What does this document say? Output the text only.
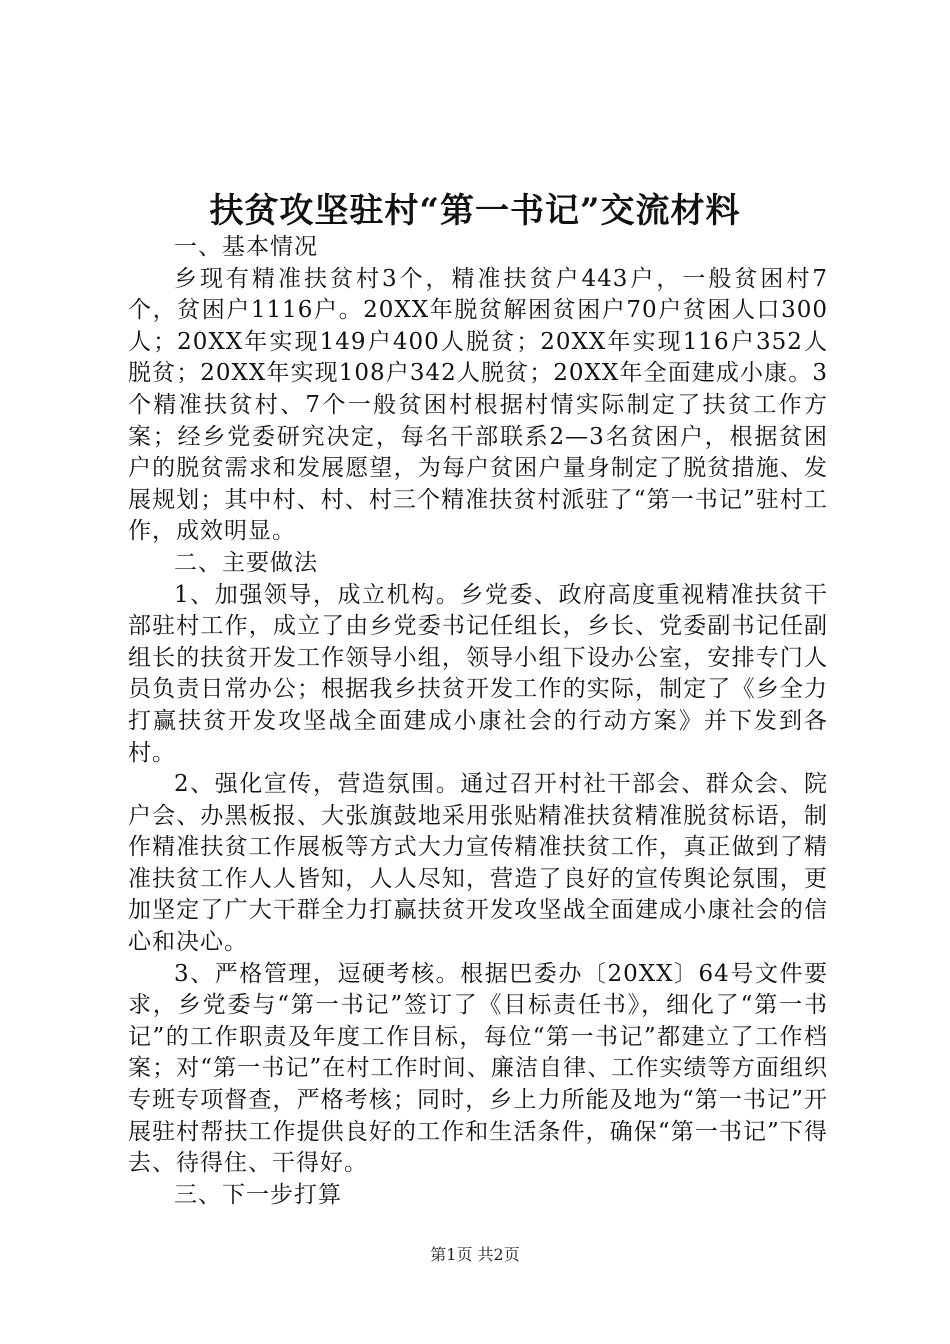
扶贫攻坚驻村“第一书记”交流材料

一、基本情况

乡现有精准扶贫村3个，精准扶贫户443户，一般贫困村7个，贫困户1116户。20XX年脱贫解困贫困户70户贫困人口300人；20XX年实现149户400人脱贫；20XX年实现116户352人脱贫；20XX年实现108户342人脱贫；20XX年全面建成小康。3个精准扶贫村、7个一般贫困村根据村情实际制定了扶贫工作方案；经乡党委研究决定，每名干部联系2—3名贫困户，根据贫困户的脱贫需求和发展愿望，为每户贫困户量身制定了脱贫措施、发展规划；其中村、村、村三个精准扶贫村派驻了“第一书记”驻村工作，成效明显。

二、主要做法

1、加强领导，成立机构。乡党委、政府高度重视精准扶贫干部驻村工作，成立了由乡党委书记任组长，乡长、党委副书记任副组长的扶贫开发工作领导小组，领导小组下设办公室，安排专门人员负责日常办公；根据我乡扶贫开发工作的实际，制定了《乡全力打赢扶贫开发攻坚战全面建成小康社会的行动方案》并下发到各村。

2、强化宣传，营造氛围。通过召开村社干部会、群众会、院户会、办黑板报、大张旗鼓地采用张贴精准扶贫精准脱贫标语，制作精准扶贫工作展板等方式大力宣传精准扶贫工作，真正做到了精准扶贫工作人人皆知，人人尽知，营造了良好的宣传舆论氛围，更加坚定了广大干群全力打赢扶贫开发攻坚战全面建成小康社会的信心和决心。

3、严格管理，逗硬考核。根据巴委办〔20XX〕64号文件要求，乡党委与“第一书记”签订了《目标责任书》，细化了“第一书记”的工作职责及年度工作目标，每位“第一书记”都建立了工作档案；对“第一书记”在村工作时间、廉洁自律、工作实绩等方面组织专班专项督查，严格考核；同时，乡上力所能及地为“第一书记”开展驻村帮扶工作提供良好的工作和生活条件，确保“第一书记”下得去、待得住、干得好。

三、下一步打算

第1页 共2页
